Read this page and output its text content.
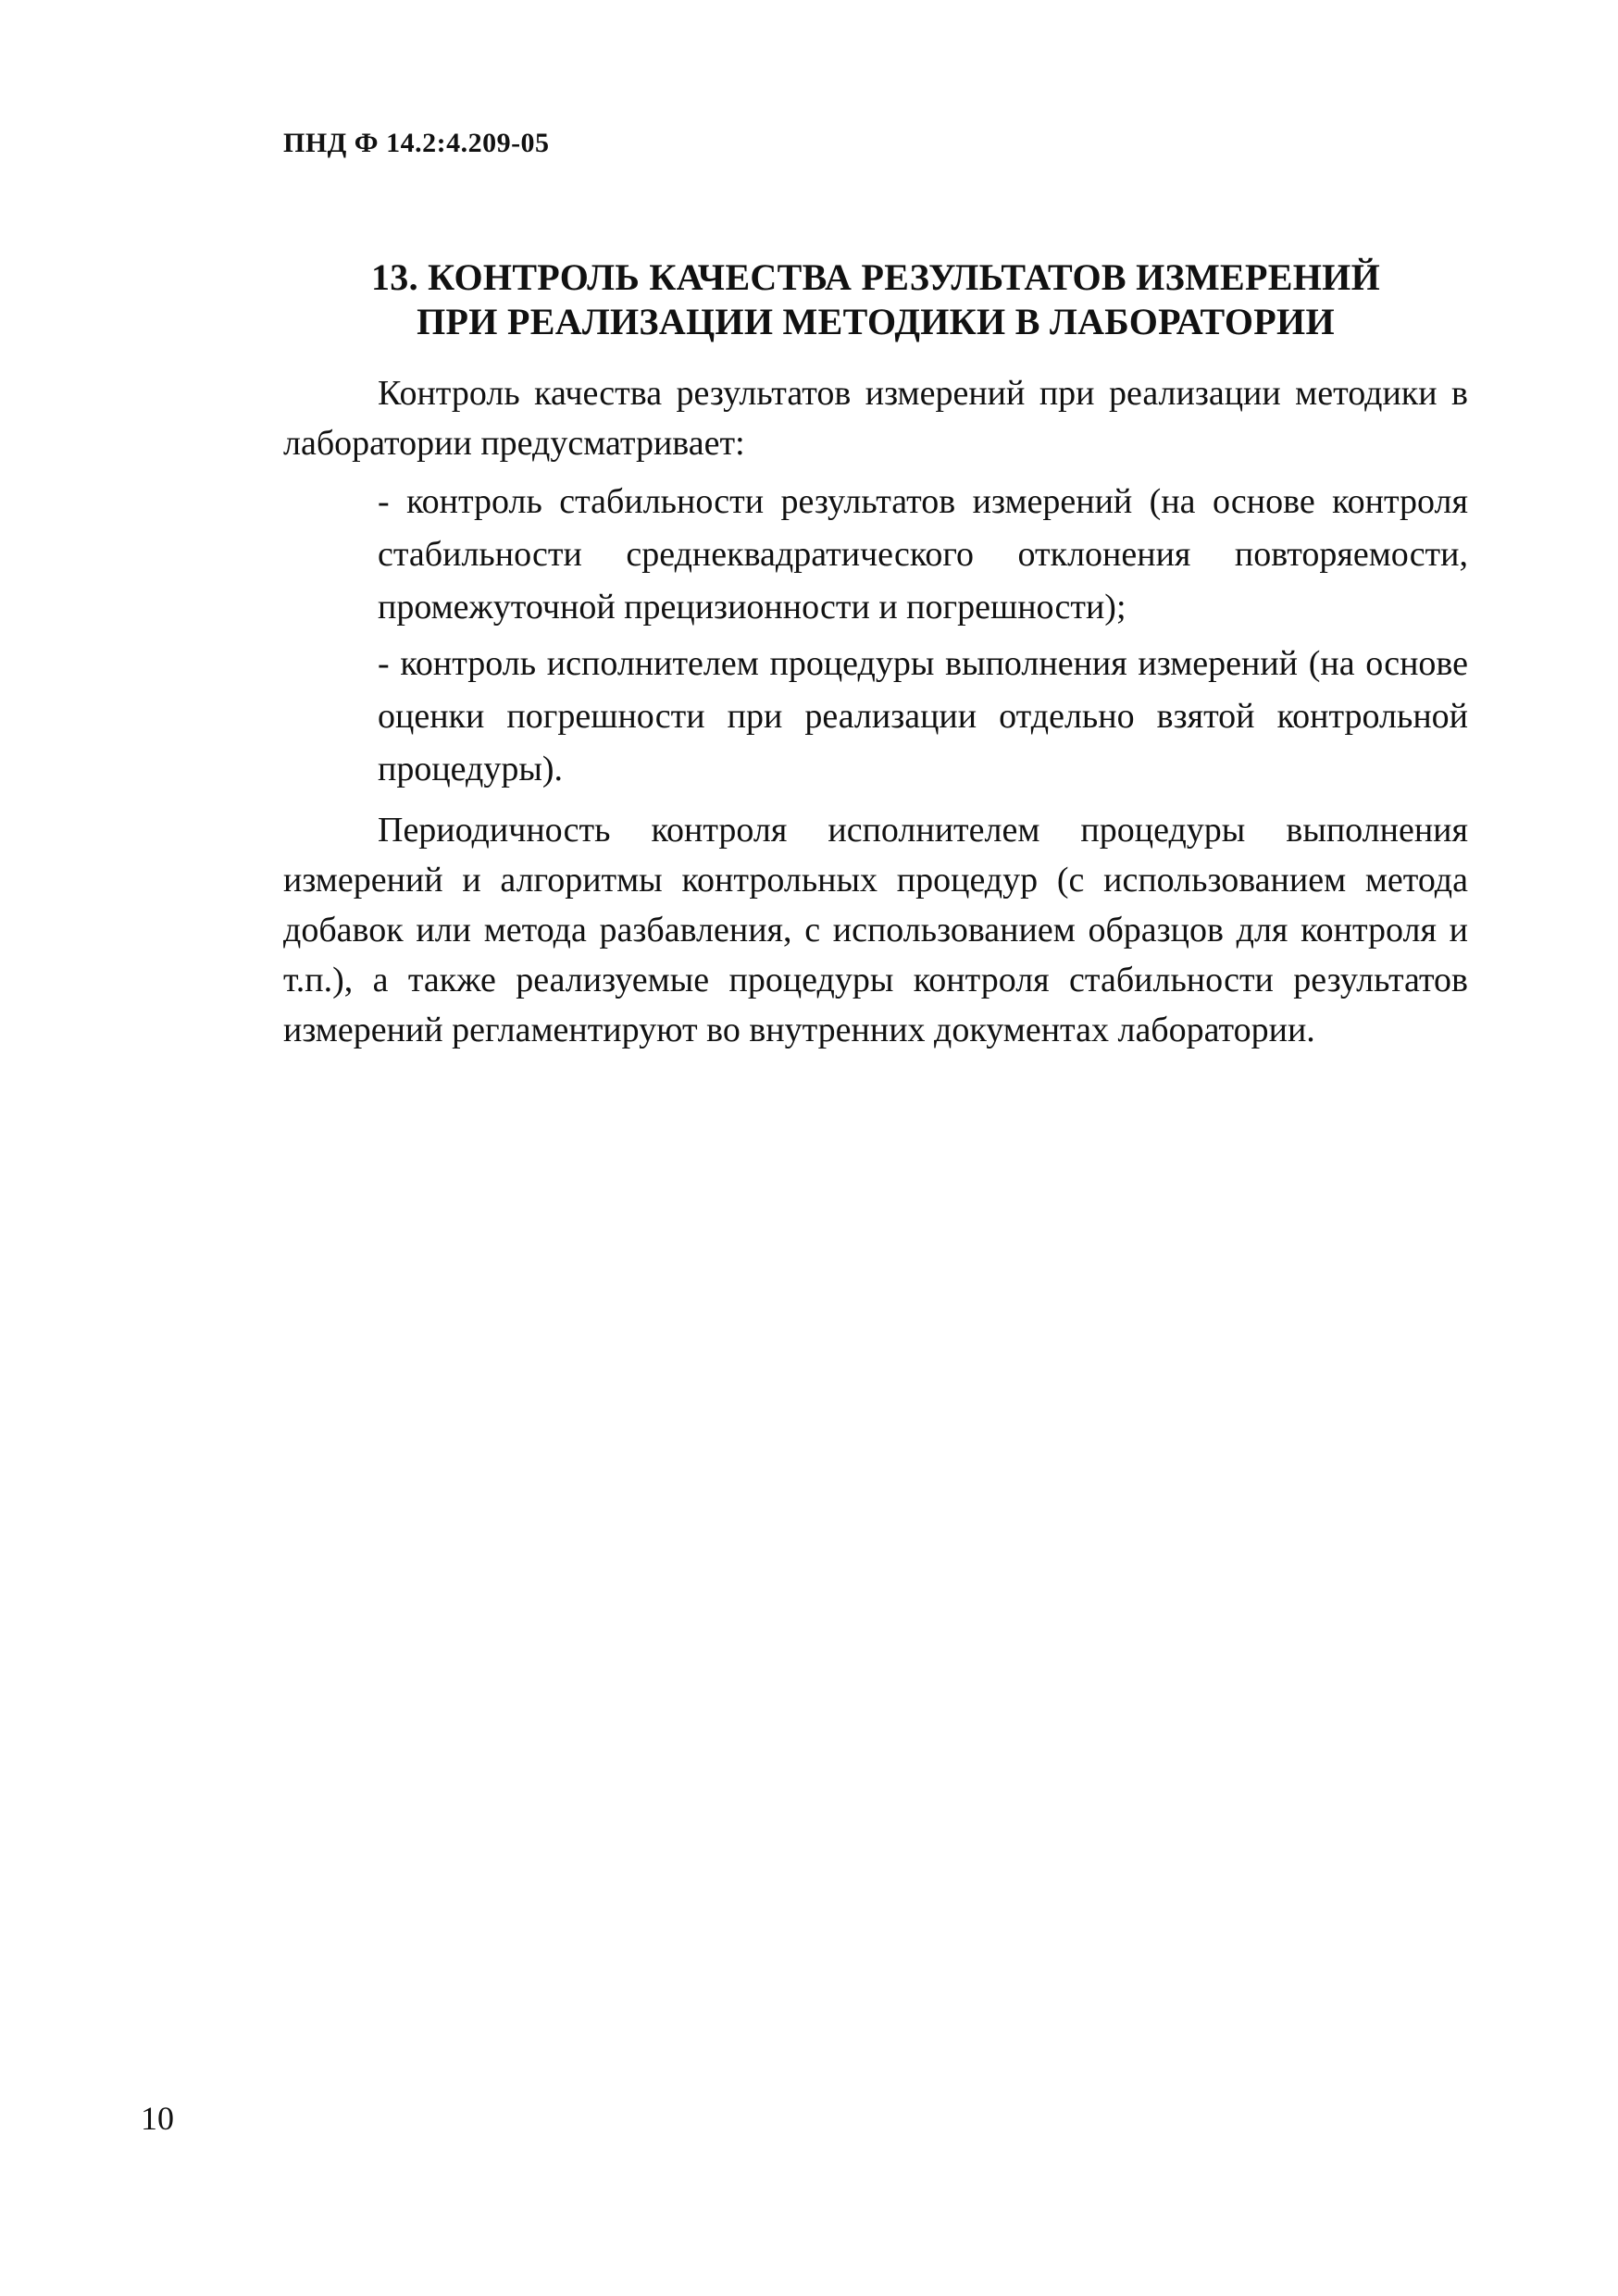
ПНД Ф 14.2:4.209-05
13. КОНТРОЛЬ КАЧЕСТВА РЕЗУЛЬТАТОВ ИЗМЕРЕНИЙ
ПРИ РЕАЛИЗАЦИИ МЕТОДИКИ В ЛАБОРАТОРИИ

Контроль качества результатов измерений при реализации методики в лаборатории предусматривает:

- контроль стабильности результатов измерений (на основе контроля стабильности среднеквадратического отклонения повторяемости, промежуточной прецизионности и погрешности);
- контроль исполнителем процедуры выполнения измерений (на основе оценки погрешности при реализации отдельно взятой контрольной процедуры).

Периодичность контроля исполнителем процедуры выполнения измерений и алгоритмы контрольных процедур (с использованием метода добавок или метода разбавления, с использованием образцов для контроля и т.п.), а также реализуемые процедуры контроля стабильности результатов измерений регламентируют во внутренних документах лаборатории.

10
